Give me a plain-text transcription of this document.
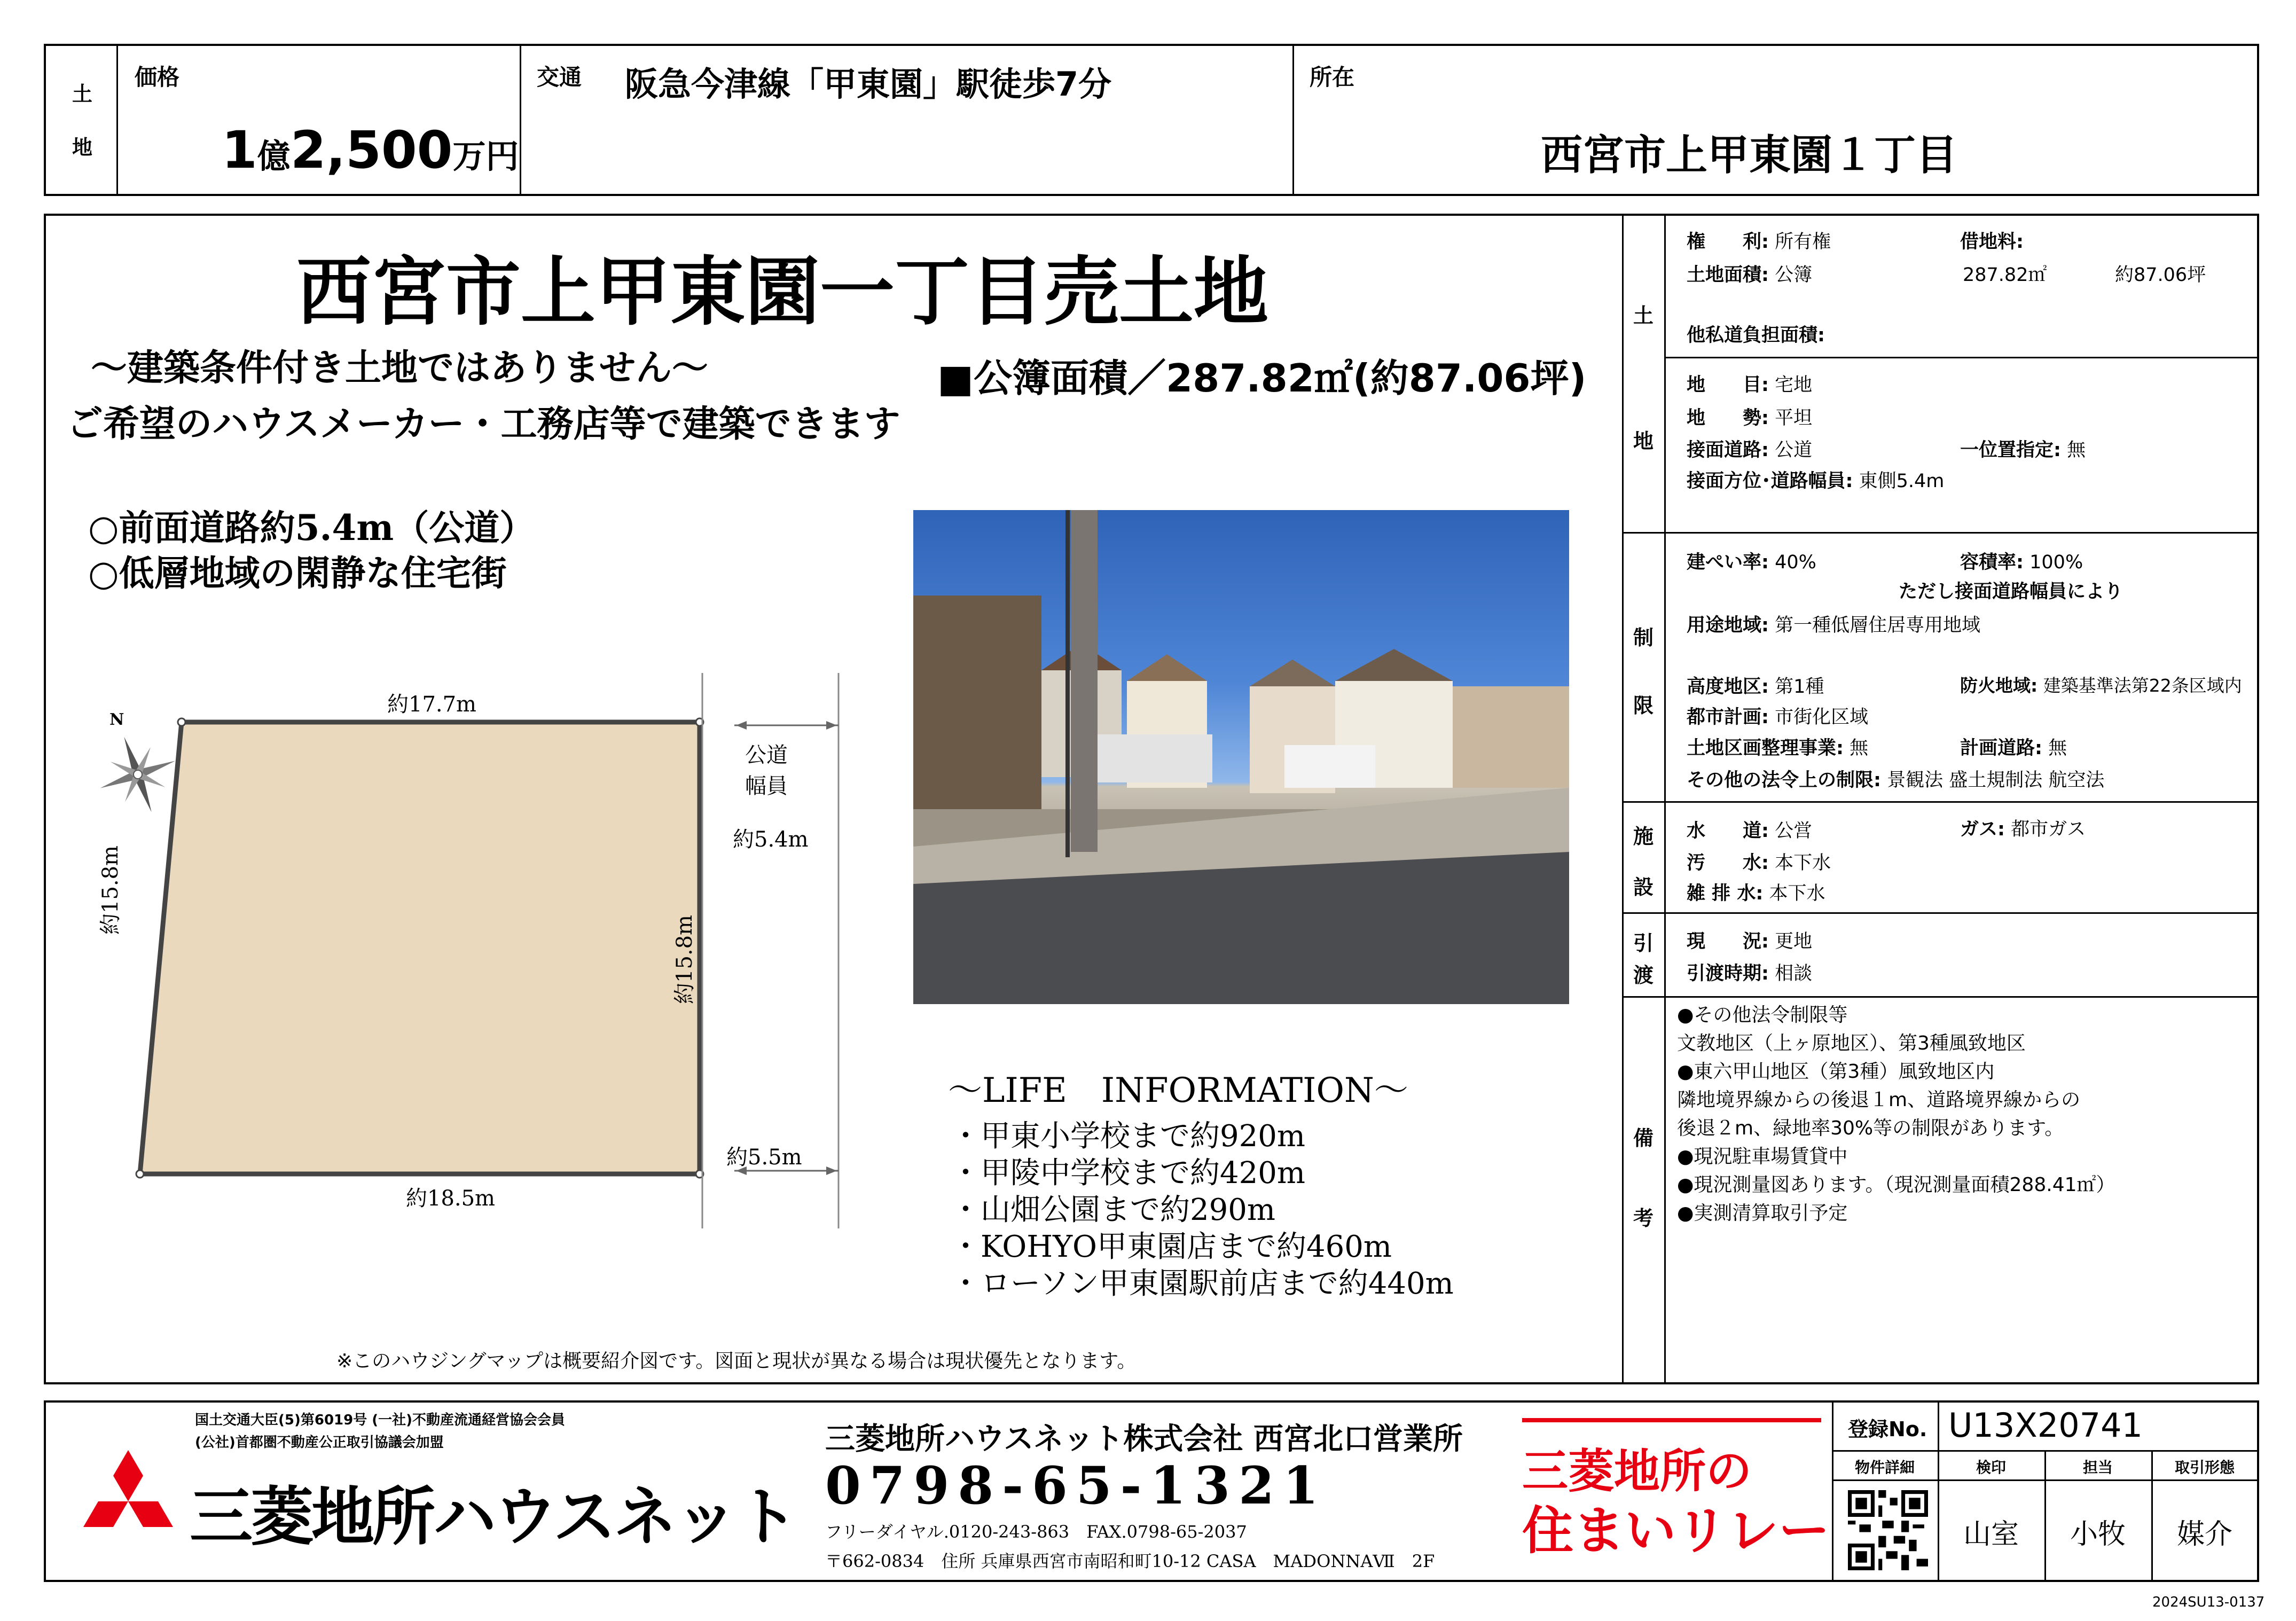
土
地
価格
1億2,500万円
交通 阪急今津線「甲東園」駅徒歩7分	所在
西宮市上甲東園１丁目
西宮市上甲東園一丁目売土地
～建築条件付き土地ではありません～
ご希望のハウスメーカー・工務店等で建築できます
■公簿面積／287.82㎡(約87.06坪)
○前面道路約5.4m（公道）
○低層地域の閑静な住宅街
N
約17.7m
約18.5m
約15.8m
約15.8m
公道
幅員
約5.4m
約5.5m
～LIFE　INFORMATION～
・甲東小学校まで約920m
・甲陵中学校まで約420m
・山畑公園まで約290m
・KOHYO甲東園店まで約460m
・ローソン甲東園駅前店まで約440m
※このハウジングマップは概要紹介図です。図面と現状が異なる場合は現状優先となります。
土
地
制
限
施
設
引
渡
備
考
権　　利: 所有権	借地料:
土地面積: 公簿	287.82㎡	約87.06坪
他私道負担面積:
地　　目: 宅地
地　　勢: 平坦
接面道路: 公道	一位置指定: 無
接面方位･道路幅員: 東側5.4m
建ぺい率: 40%	容積率: 100%
ただし接面道路幅員により
用途地域: 第一種低層住居専用地域
高度地区: 第1種	防火地域: 建築基準法第22条区域内
都市計画: 市街化区域
土地区画整理事業: 無	計画道路: 無
その他の法令上の制限: 景観法 盛土規制法 航空法
水　　道: 公営	ガス: 都市ガス
汚　　水: 本下水
雑 排 水: 本下水
現　　況: 更地
引渡時期: 相談
●その他法令制限等
文教地区（上ヶ原地区）、第3種風致地区
●東六甲山地区（第3種）風致地区内
隣地境界線からの後退１m、道路境界線からの
後退２m、緑地率30%等の制限があります。
●現況駐車場賃貸中
●現況測量図あります。（現況測量面積288.41㎡）
●実測清算取引予定
国土交通大臣(5)第6019号 (一社)不動産流通経営協会会員
(公社)首都圏不動産公正取引協議会加盟
三菱地所ハウスネット
三菱地所ハウスネット株式会社 西宮北口営業所
0798-65-1321
フリーダイヤル.0120-243-863　FAX.0798-65-2037
〒662-0834　住所 兵庫県西宮市南昭和町10-12 CASA　MADONNAⅦ　2F
三菱地所の
住まいリレー
登録No. U13X20741
物件詳細	検印	担当	取引形態
山室	小牧	媒介
2024SU13-0137
